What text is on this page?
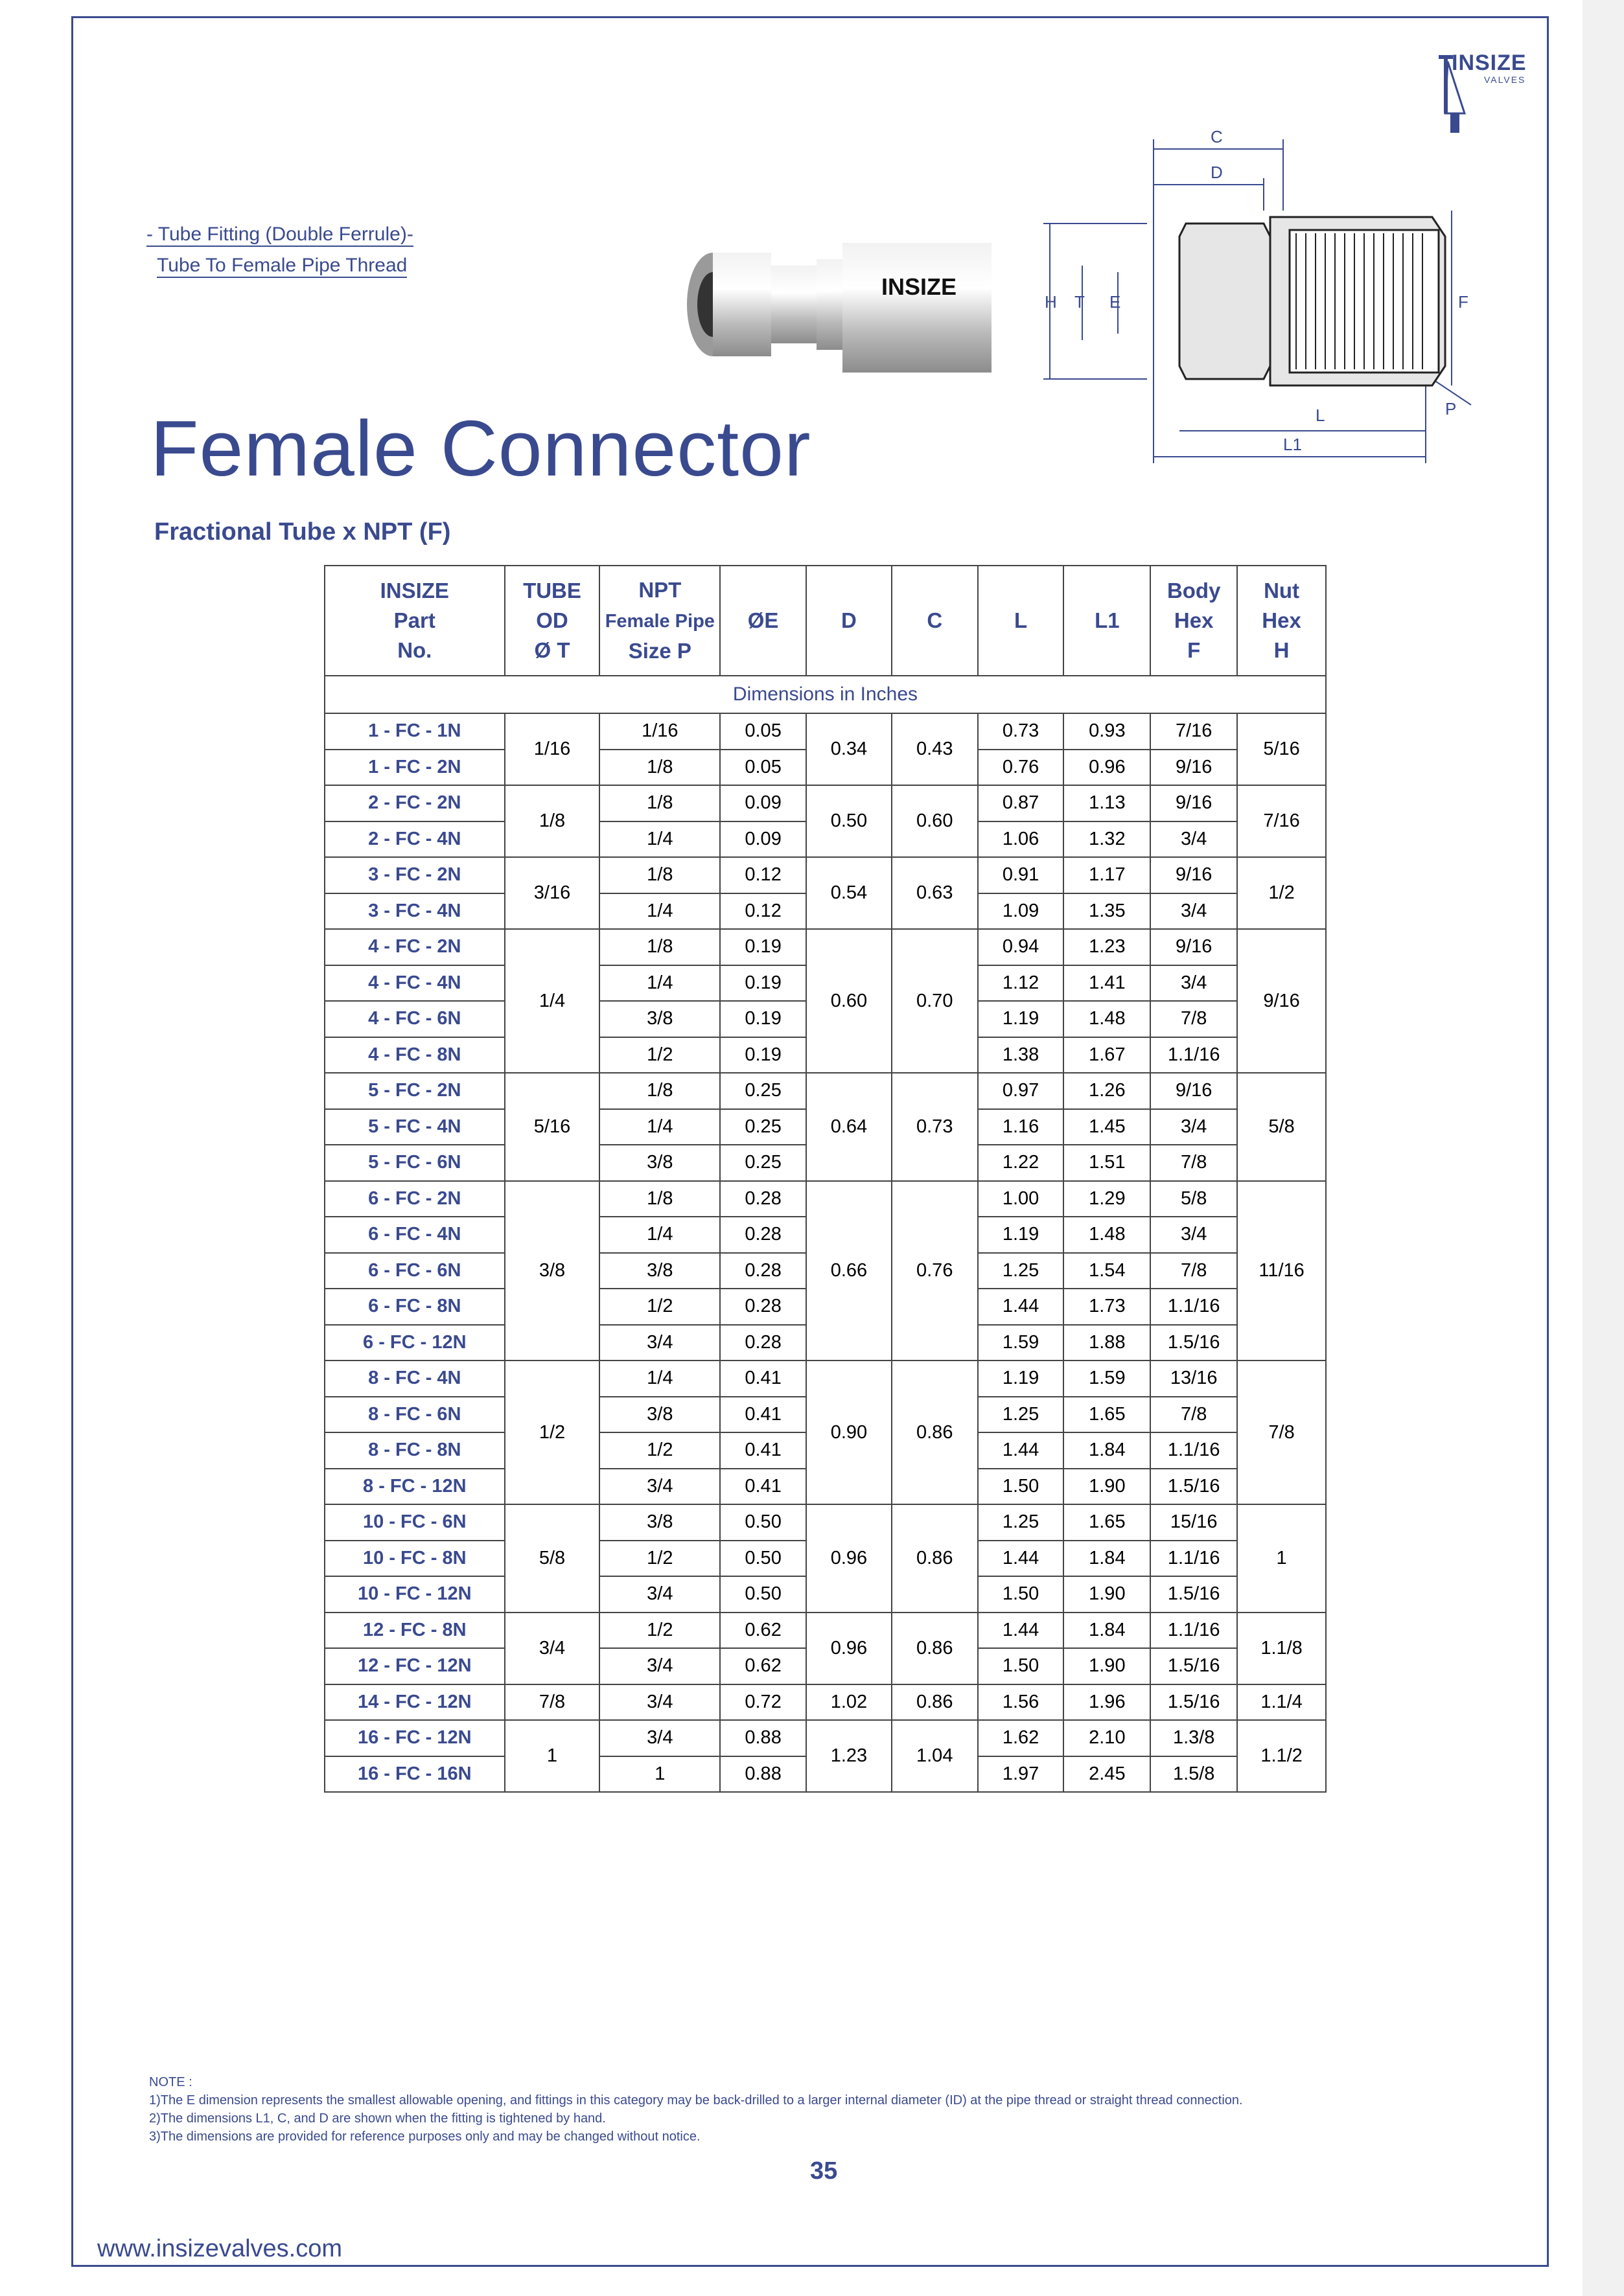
INSIZE
VALVES
- Tube Fitting (Double Ferrule)-
Tube To Female Pipe Thread
INSIZE
C
D
H T E	F
L	P
L1
Female Connector
Fractional Tube x NPT (F)
INSIZE
Part
No.	TUBE
OD
Ø T	NPT
Female Pipe
Size P	ØE	D	C	L	L1	Body
Hex
F	Nut
Hex
H
Dimensions in Inches									
1 - FC - 1N	1/16	1/16	0.05	0.34	0.43	0.73	0.93	7/16	5/16
1 - FC - 2N		1/8	0.05			0.76	0.96	9/16	
2 - FC - 2N	1/8	1/8	0.09	0.50	0.60	0.87	1.13	9/16	7/16
2 - FC - 4N		1/4	0.09			1.06	1.32	3/4	
3 - FC - 2N	3/16	1/8	0.12	0.54	0.63	0.91	1.17	9/16	1/2
3 - FC - 4N		1/4	0.12			1.09	1.35	3/4	
4 - FC - 2N	1/4	1/8	0.19	0.60	0.70	0.94	1.23	9/16	9/16
4 - FC - 4N		1/4	0.19			1.12	1.41	3/4	
4 - FC - 6N		3/8	0.19			1.19	1.48	7/8	
4 - FC - 8N		1/2	0.19			1.38	1.67	1.1/16	
5 - FC - 2N	5/16	1/8	0.25	0.64	0.73	0.97	1.26	9/16	5/8
5 - FC - 4N		1/4	0.25			1.16	1.45	3/4	
5 - FC - 6N		3/8	0.25			1.22	1.51	7/8	
6 - FC - 2N	3/8	1/8	0.28	0.66	0.76	1.00	1.29	5/8	11/16
6 - FC - 4N		1/4	0.28			1.19	1.48	3/4	
6 - FC - 6N		3/8	0.28			1.25	1.54	7/8	
6 - FC - 8N		1/2	0.28			1.44	1.73	1.1/16	
6 - FC - 12N		3/4	0.28			1.59	1.88	1.5/16	
8 - FC - 4N	1/2	1/4	0.41	0.90	0.86	1.19	1.59	13/16	7/8
8 - FC - 6N		3/8	0.41			1.25	1.65	7/8	
8 - FC - 8N		1/2	0.41			1.44	1.84	1.1/16	
8 - FC - 12N		3/4	0.41			1.50	1.90	1.5/16	
10 - FC - 6N	5/8	3/8	0.50	0.96	0.86	1.25	1.65	15/16	1
10 - FC - 8N		1/2	0.50			1.44	1.84	1.1/16	
10 - FC - 12N		3/4	0.50			1.50	1.90	1.5/16	
12 - FC - 8N	3/4	1/2	0.62	0.96	0.86	1.44	1.84	1.1/16	1.1/8
12 - FC - 12N		3/4	0.62			1.50	1.90	1.5/16	
14 - FC - 12N	7/8	3/4	0.72	1.02	0.86	1.56	1.96	1.5/16	1.1/4
16 - FC - 12N	1	3/4	0.88	1.23	1.04	1.62	2.10	1.3/8	1.1/2
16 - FC - 16N		1	0.88			1.97	2.45	1.5/8	
NOTE :
1)The E dimension represents the smallest allowable opening, and fittings in this category may be back-drilled to a larger internal diameter (ID) at the pipe thread or straight thread connection.
2)The dimensions L1, C, and D are shown when the fitting is tightened by hand.
3)The dimensions are provided for reference purposes only and may be changed without notice.
35
www.insizevalves.com
